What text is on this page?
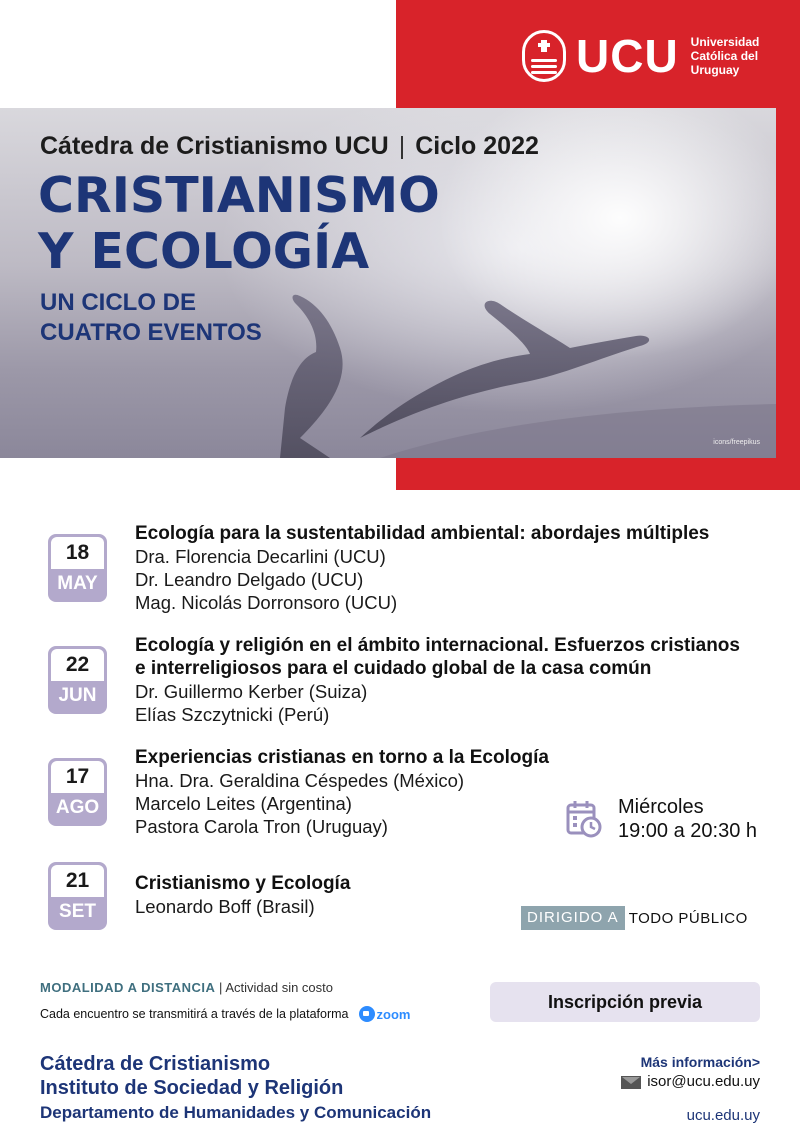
UCU Universidad
Católica del
Uruguay
Cátedra de Cristianismo UCU | Ciclo 2022
CRISTIANISMO
Y ECOLOGÍA
UN CICLO DE
CUATRO EVENTOS
icons/freepikus
18
MAY
Ecología para la sustentabilidad ambiental: abordajes múltiples
Dra. Florencia Decarlini (UCU)
Dr. Leandro Delgado (UCU)
Mag. Nicolás Dorronsoro (UCU)
22
JUN
Ecología y religión en el ámbito internacional. Esfuerzos cristianos
e interreligiosos para el cuidado global de la casa común
Dr. Guillermo Kerber (Suiza)
Elías Szczytnicki (Perú)
17
AGO
Experiencias cristianas en torno a la Ecología
Hna. Dra. Geraldina Céspedes (México)
Marcelo Leites (Argentina)
Pastora Carola Tron (Uruguay)
21
SET
Cristianismo y Ecología
Leonardo Boff (Brasil)
Miércoles
19:00 a 20:30 h
DIRIGIDO A TODO PÚBLICO
MODALIDAD A DISTANCIA | Actividad sin costo
Cada encuentro se transmitirá a través de la plataforma zoom
Inscripción previa
Cátedra de Cristianismo
Instituto de Sociedad y Religión
Departamento de Humanidades y Comunicación
Más información>
isor@ucu.edu.uy
ucu.edu.uy
